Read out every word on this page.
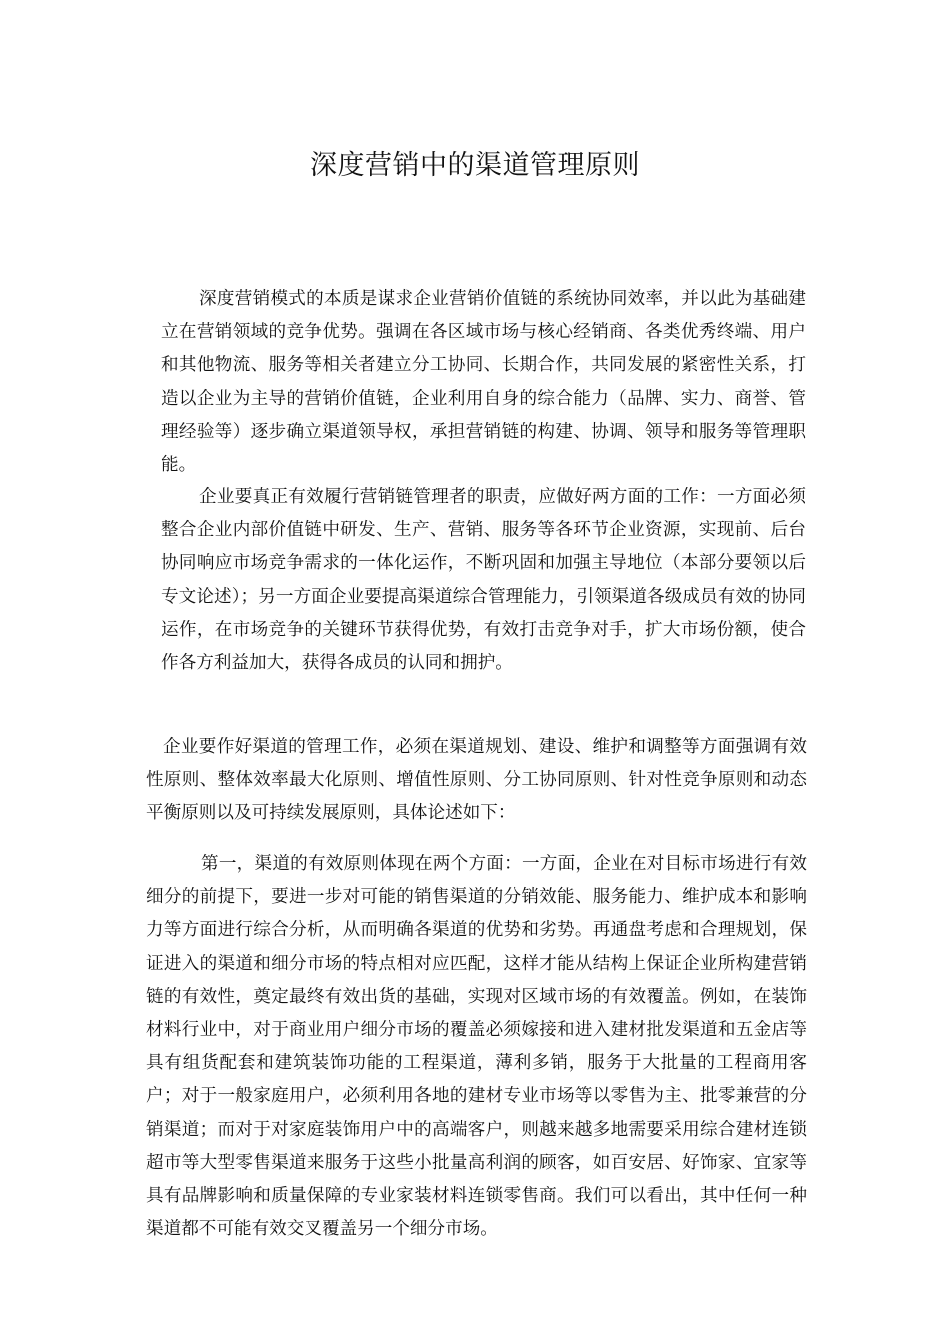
深度营销中的渠道管理原则

深度营销模式的本质是谋求企业营销价值链的系统协同效率，并以此为基础建立在营销领域的竞争优势。强调在各区域市场与核心经销商、各类优秀终端、用户和其他物流、服务等相关者建立分工协同、长期合作，共同发展的紧密性关系，打造以企业为主导的营销价值链，企业利用自身的综合能力（品牌、实力、商誉、管理经验等）逐步确立渠道领导权，承担营销链的构建、协调、领导和服务等管理职能。

企业要真正有效履行营销链管理者的职责，应做好两方面的工作：一方面必须整合企业内部价值链中研发、生产、营销、服务等各环节企业资源，实现前、后台协同响应市场竞争需求的一体化运作，不断巩固和加强主导地位（本部分要领以后专文论述）；另一方面企业要提高渠道综合管理能力，引领渠道各级成员有效的协同运作，在市场竞争的关键环节获得优势，有效打击竞争对手，扩大市场份额，使合作各方利益加大，获得各成员的认同和拥护。

企业要作好渠道的管理工作，必须在渠道规划、建设、维护和调整等方面强调有效性原则、整体效率最大化原则、增值性原则、分工协同原则、针对性竞争原则和动态平衡原则以及可持续发展原则，具体论述如下：

第一，渠道的有效原则体现在两个方面：一方面，企业在对目标市场进行有效细分的前提下，要进一步对可能的销售渠道的分销效能、服务能力、维护成本和影响力等方面进行综合分析，从而明确各渠道的优势和劣势。再通盘考虑和合理规划，保证进入的渠道和细分市场的特点相对应匹配，这样才能从结构上保证企业所构建营销链的有效性，奠定最终有效出货的基础，实现对区域市场的有效覆盖。例如，在装饰材料行业中，对于商业用户细分市场的覆盖必须嫁接和进入建材批发渠道和五金店等具有组货配套和建筑装饰功能的工程渠道，薄利多销，服务于大批量的工程商用客户；对于一般家庭用户，必须利用各地的建材专业市场等以零售为主、批零兼营的分销渠道；而对于对家庭装饰用户中的高端客户，则越来越多地需要采用综合建材连锁超市等大型零售渠道来服务于这些小批量高利润的顾客，如百安居、好饰家、宜家等具有品牌影响和质量保障的专业家装材料连锁零售商。我们可以看出，其中任何一种渠道都不可能有效交叉覆盖另一个细分市场。
